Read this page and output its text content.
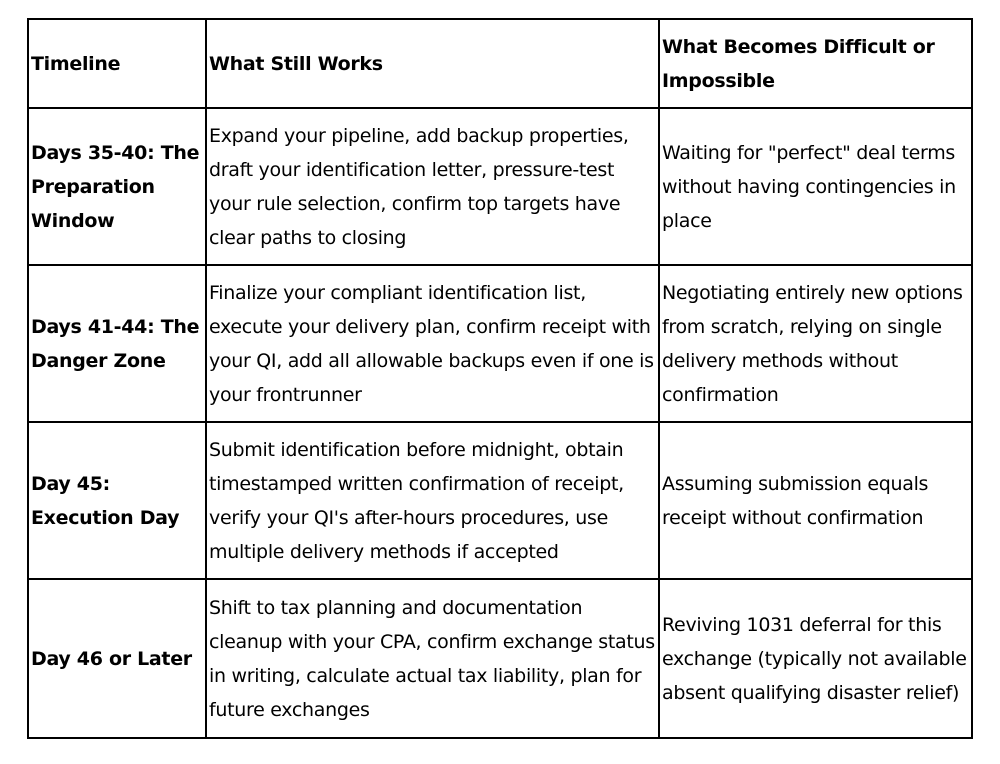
Timeline	What Still Works	What Becomes Difficult or Impossible
Days 35-40: The Preparation Window	Expand your pipeline, add backup properties, draft your identification letter, pressure-test your rule selection, confirm top targets have clear paths to closing	Waiting for "perfect" deal terms without having contingencies in place
Days 41-44: The Danger Zone	Finalize your compliant identification list, execute your delivery plan, confirm receipt with your QI, add all allowable backups even if one is your frontrunner	Negotiating entirely new options from scratch, relying on single delivery methods without confirmation
Day 45: Execution Day	Submit identification before midnight, obtain timestamped written confirmation of receipt, verify your QI's after-hours procedures, use multiple delivery methods if accepted	Assuming submission equals receipt without confirmation
Day 46 or Later	Shift to tax planning and documentation cleanup with your CPA, confirm exchange status in writing, calculate actual tax liability, plan for future exchanges	Reviving 1031 deferral for this exchange (typically not available absent qualifying disaster relief)
